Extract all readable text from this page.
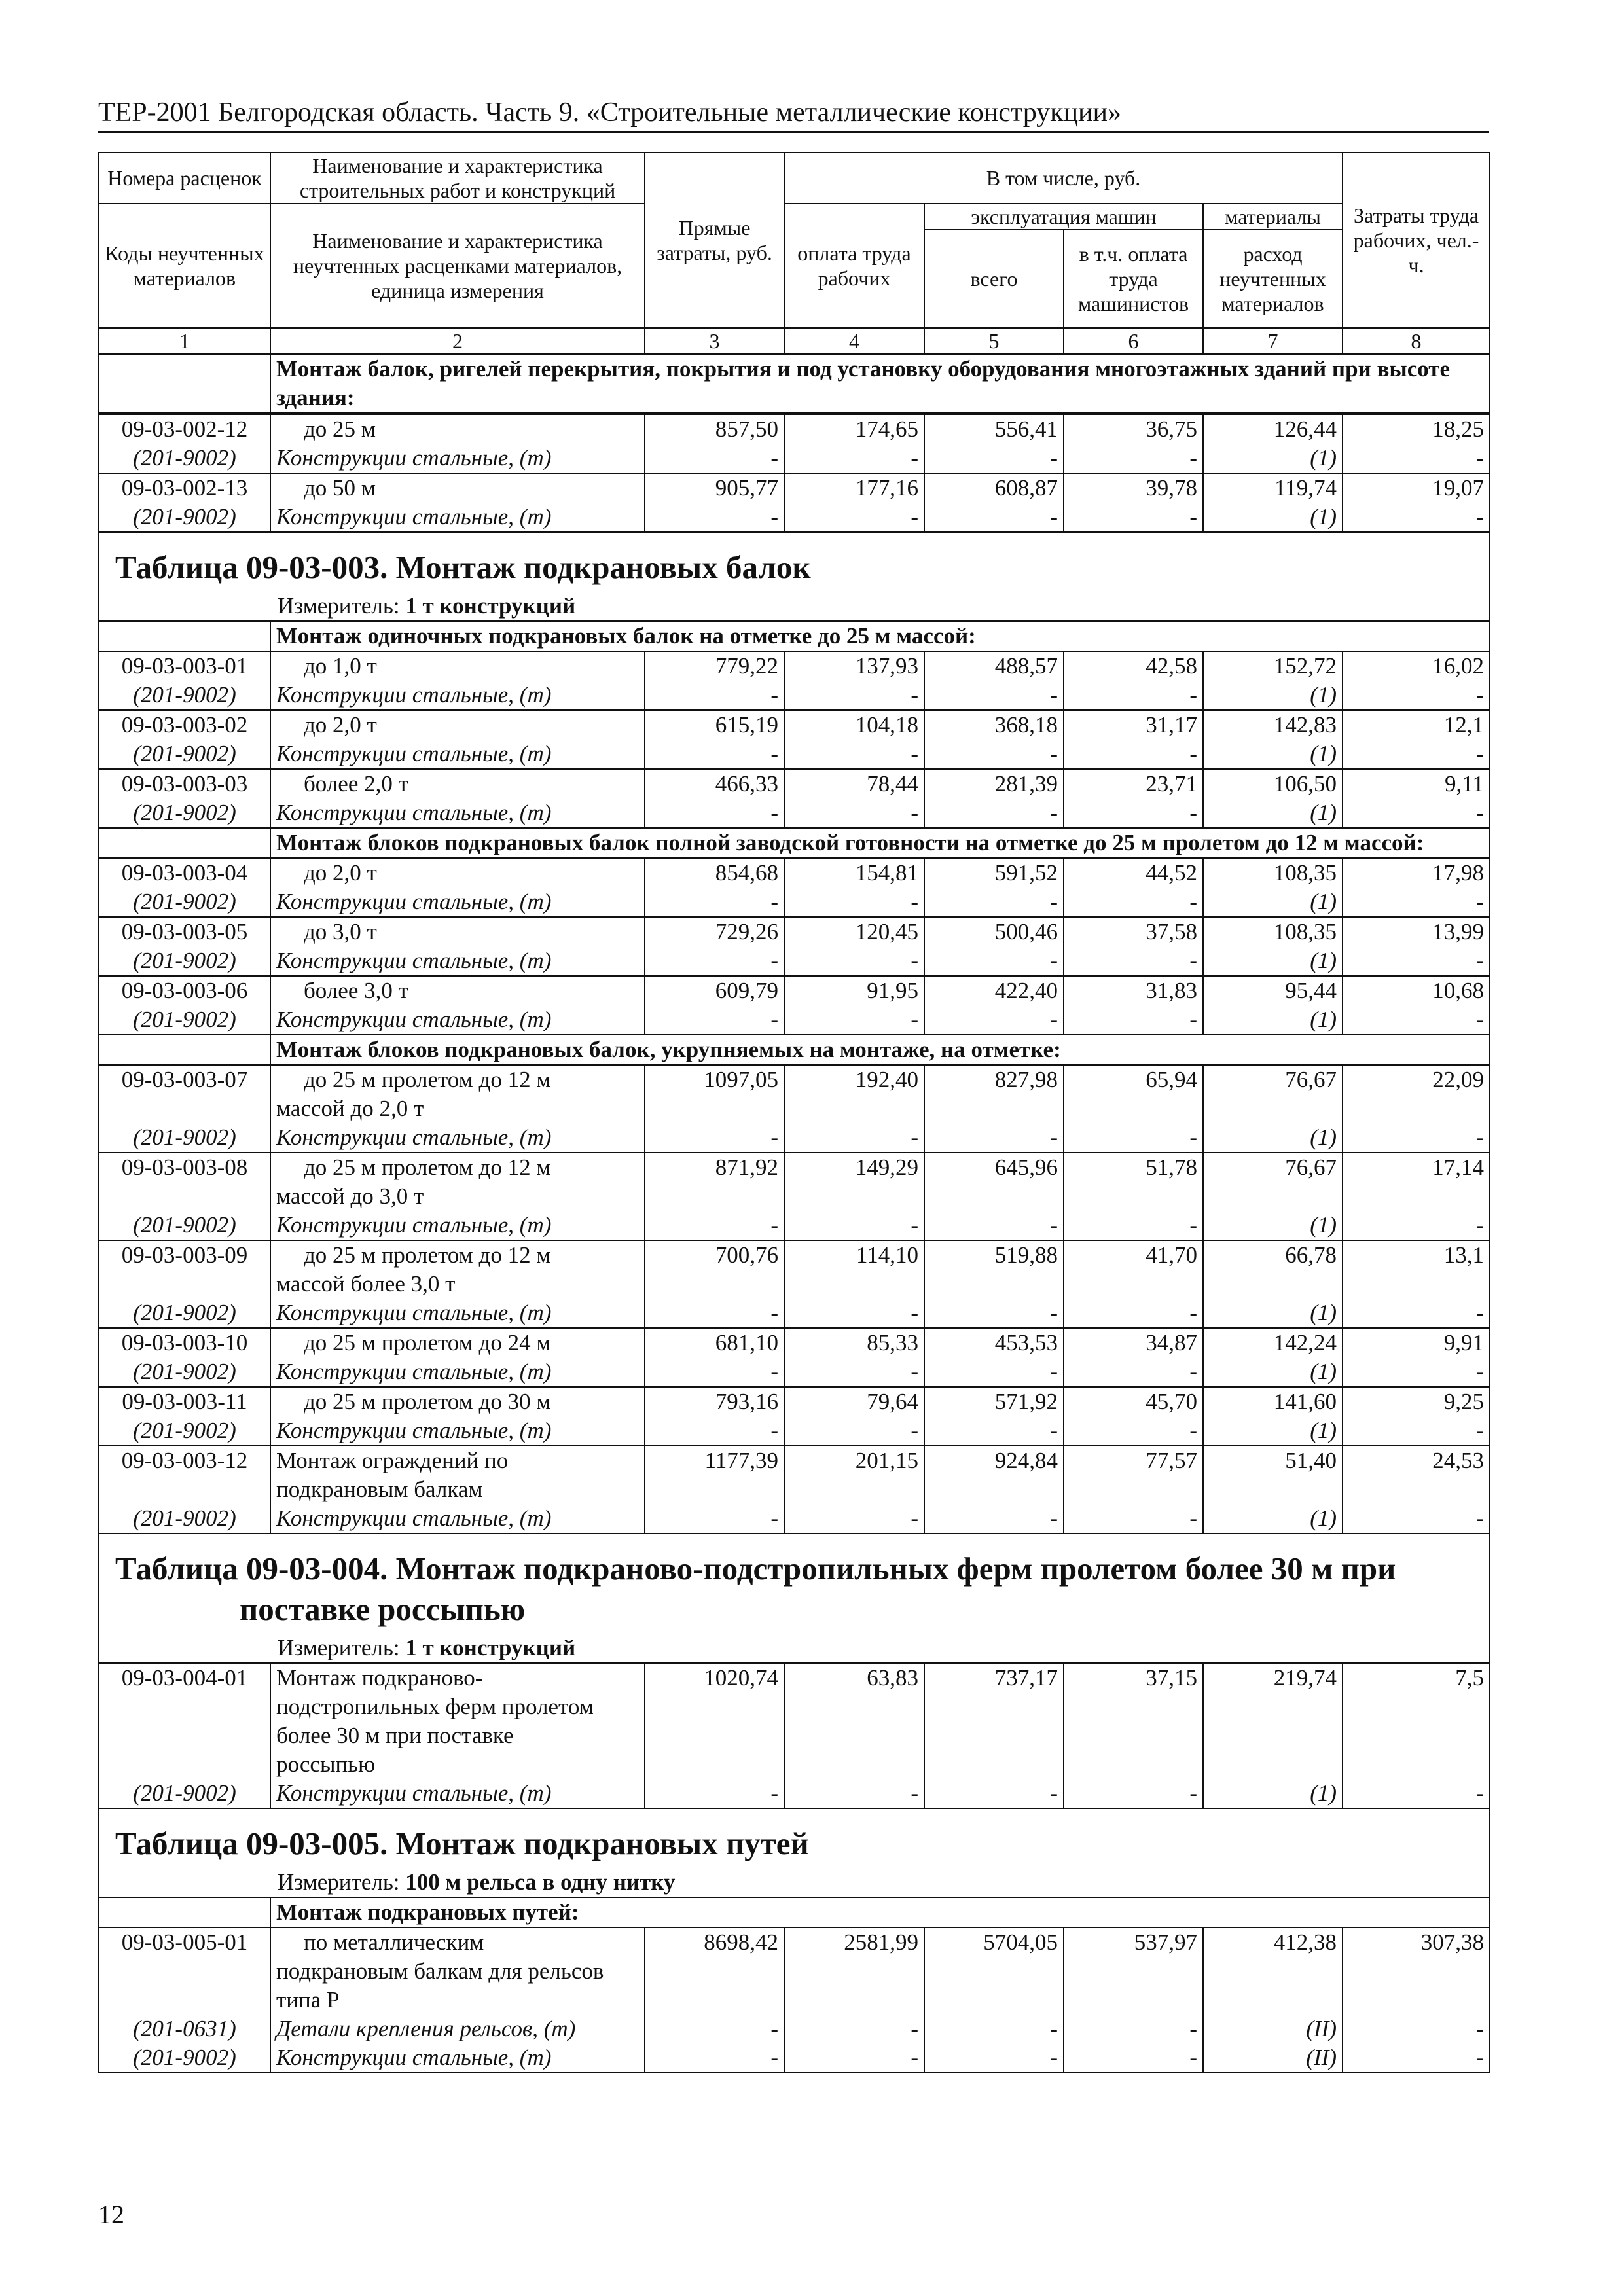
ТЕР-2001 Белгородская область. Часть 9. «Строительные металлические конструкции»
Номера расценок	Наименование и характеристика строительных работ и конструкций	Прямые затраты, руб.	В том числе, руб.				Затраты труда рабочих, чел.-ч.
Коды неучтенных материалов	Наименование и характеристика неучтенных расценками материалов, единица измерения		оплата труда рабочих	эксплуатация машин		материалы	
				всего	в т.ч. оплата труда машинистов	расход неучтенных материалов	
1	2	3	4	5	6	7	8
	Монтаж балок, ригелей перекрытия, покрытия и под установку оборудования многоэтажных зданий при высоте здания:						
09-03-002-12	до 25 м	857,50	174,65	556,41	36,75	126,44	18,25
(201-9002)	Конструкции стальные, (т)	-	-	-	-	(1)	-
09-03-002-13	до 50 м	905,77	177,16	608,87	39,78	119,74	19,07
(201-9002)	Конструкции стальные, (т)	-	-	-	-	(1)	-

Таблица 09-03-003. Монтаж подкрановых балок							

Измеритель: 1 т конструкций							
	Монтаж одиночных подкрановых балок на отметке до 25 м массой:						
09-03-003-01	до 1,0 т	779,22	137,93	488,57	42,58	152,72	16,02
(201-9002)	Конструкции стальные, (т)	-	-	-	-	(1)	-
09-03-003-02	до 2,0 т	615,19	104,18	368,18	31,17	142,83	12,1
(201-9002)	Конструкции стальные, (т)	-	-	-	-	(1)	-
09-03-003-03	более 2,0 т	466,33	78,44	281,39	23,71	106,50	9,11
(201-9002)	Конструкции стальные, (т)	-	-	-	-	(1)	-
	Монтаж блоков подкрановых балок полной заводской готовности на отметке до 25 м пролетом до 12 м массой:						
09-03-003-04	до 2,0 т	854,68	154,81	591,52	44,52	108,35	17,98
(201-9002)	Конструкции стальные, (т)	-	-	-	-	(1)	-
09-03-003-05	до 3,0 т	729,26	120,45	500,46	37,58	108,35	13,99
(201-9002)	Конструкции стальные, (т)	-	-	-	-	(1)	-
09-03-003-06	более 3,0 т	609,79	91,95	422,40	31,83	95,44	10,68
(201-9002)	Конструкции стальные, (т)	-	-	-	-	(1)	-
	Монтаж блоков подкрановых балок, укрупняемых на монтаже, на отметке:						
09-03-003-07	до 25 м пролетом до 12 м	1097,05	192,40	827,98	65,94	76,67	22,09
	массой до 2,0 т						
(201-9002)	Конструкции стальные, (т)	-	-	-	-	(1)	-
09-03-003-08	до 25 м пролетом до 12 м	871,92	149,29	645,96	51,78	76,67	17,14
	массой до 3,0 т						
(201-9002)	Конструкции стальные, (т)	-	-	-	-	(1)	-
09-03-003-09	до 25 м пролетом до 12 м	700,76	114,10	519,88	41,70	66,78	13,1
	массой более 3,0 т						
(201-9002)	Конструкции стальные, (т)	-	-	-	-	(1)	-
09-03-003-10	до 25 м пролетом до 24 м	681,10	85,33	453,53	34,87	142,24	9,91
(201-9002)	Конструкции стальные, (т)	-	-	-	-	(1)	-
09-03-003-11	до 25 м пролетом до 30 м	793,16	79,64	571,92	45,70	141,60	9,25
(201-9002)	Конструкции стальные, (т)	-	-	-	-	(1)	-
09-03-003-12	Монтаж ограждений по	1177,39	201,15	924,84	77,57	51,40	24,53
	подкрановым балкам						
(201-9002)	Конструкции стальные, (т)	-	-	-	-	(1)	-

Таблица 09-03-004. Монтаж подкраново-подстропильных ферм пролетом более 30 м при
поставке россыпью							

Измеритель: 1 т конструкций							
09-03-004-01	Монтаж подкраново-	1020,74	63,83	737,17	37,15	219,74	7,5
	подстропильных ферм пролетом						
	более 30 м при поставке						
	россыпью						
(201-9002)	Конструкции стальные, (т)	-	-	-	-	(1)	-

Таблица 09-03-005. Монтаж подкрановых путей							

Измеритель: 100 м рельса в одну нитку							
	Монтаж подкрановых путей:						
09-03-005-01	по металлическим	8698,42	2581,99	5704,05	537,97	412,38	307,38
	подкрановым балкам для рельсов						
	типа Р						
(201-0631)	Детали крепления рельсов, (т)	-	-	-	-	(II)	-
(201-9002)	Конструкции стальные, (т)	-	-	-	-	(II)	-
12
